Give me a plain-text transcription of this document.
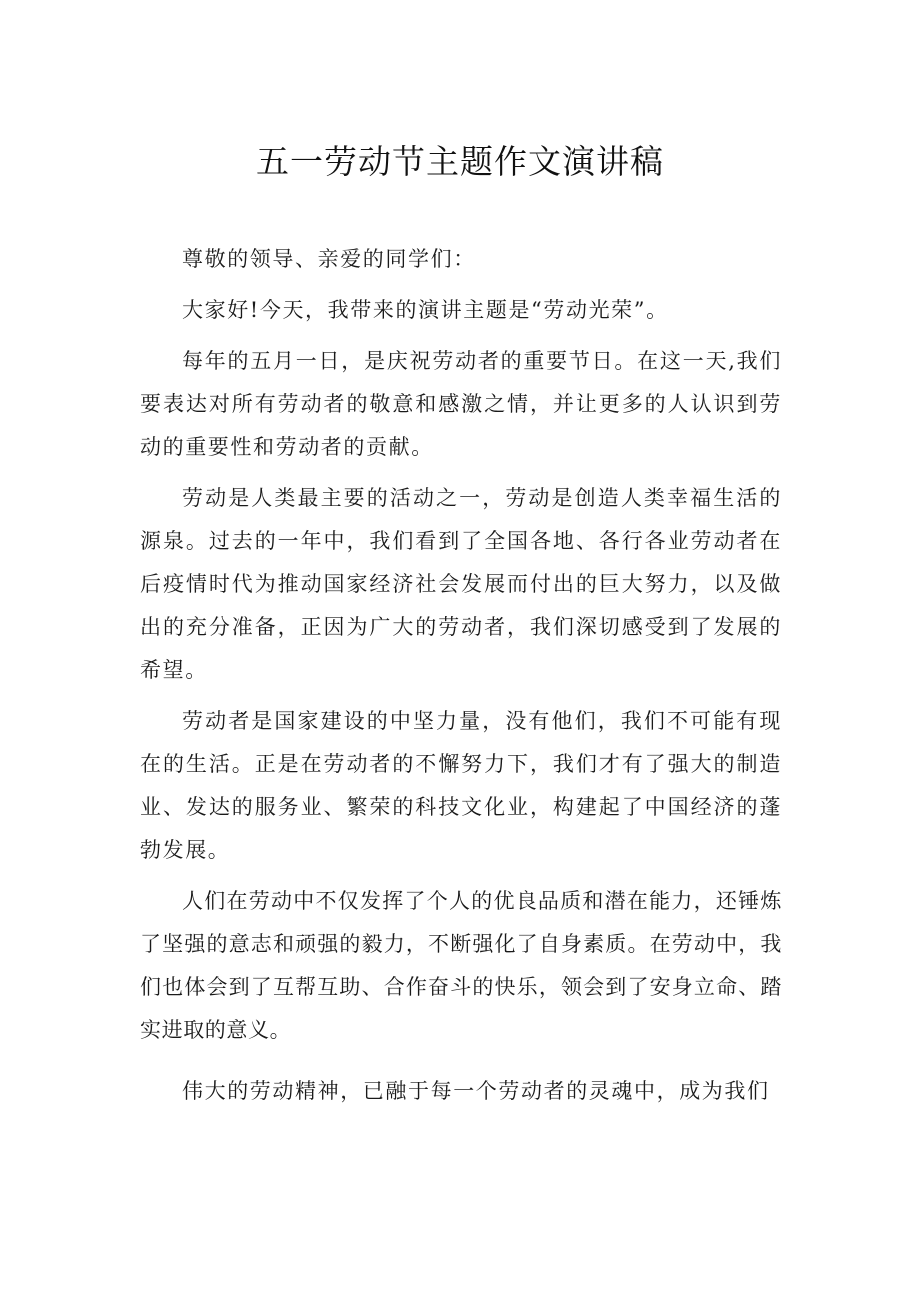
五一劳动节主题作文演讲稿

尊敬的领导、亲爱的同学们：

大家好!今天，我带来的演讲主题是“劳动光荣”。

每年的五月一日，是庆祝劳动者的重要节日。在这一天,我们要表达对所有劳动者的敬意和感激之情，并让更多的人认识到劳动的重要性和劳动者的贡献。

劳动是人类最主要的活动之一，劳动是创造人类幸福生活的源泉。过去的一年中，我们看到了全国各地、各行各业劳动者在后疫情时代为推动国家经济社会发展而付出的巨大努力，以及做出的充分准备，正因为广大的劳动者，我们深切感受到了发展的希望。

劳动者是国家建设的中坚力量，没有他们，我们不可能有现在的生活。正是在劳动者的不懈努力下，我们才有了强大的制造业、发达的服务业、繁荣的科技文化业，构建起了中国经济的蓬勃发展。

人们在劳动中不仅发挥了个人的优良品质和潜在能力，还锤炼了坚强的意志和顽强的毅力，不断强化了自身素质。在劳动中，我们也体会到了互帮互助、合作奋斗的快乐，领会到了安身立命、踏实进取的意义。

伟大的劳动精神，已融于每一个劳动者的灵魂中，成为我们
